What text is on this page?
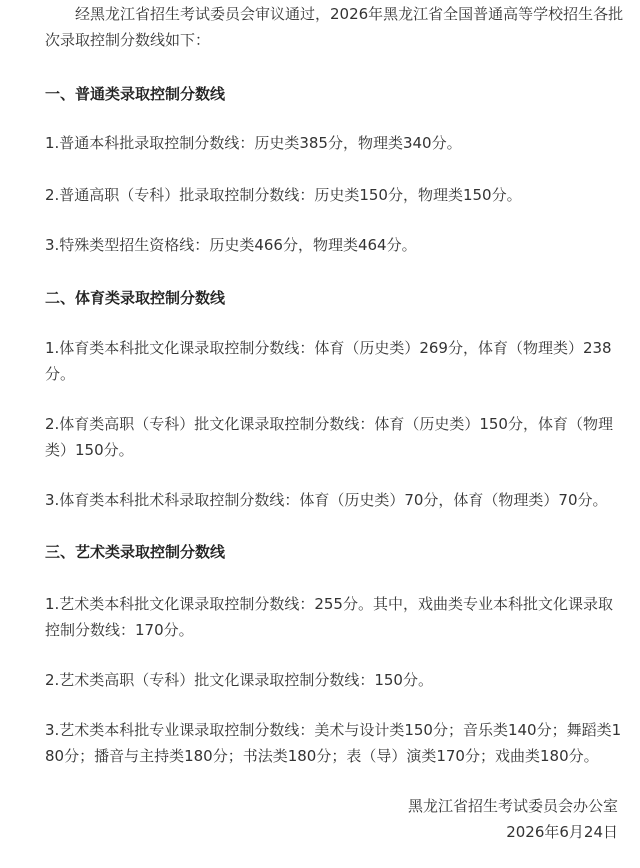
经黑龙江省招生考试委员会审议通过，2026年黑龙江省全国普通高等学校招生各批次录取控制分数线如下：

一、普通类录取控制分数线

1.普通本科批录取控制分数线：历史类385分，物理类340分。

2.普通高职（专科）批录取控制分数线：历史类150分，物理类150分。

3.特殊类型招生资格线：历史类466分，物理类464分。

二、体育类录取控制分数线

1.体育类本科批文化课录取控制分数线：体育（历史类）269分，体育（物理类）238分。

2.体育类高职（专科）批文化课录取控制分数线：体育（历史类）150分，体育（物理类）150分。

3.体育类本科批术科录取控制分数线：体育（历史类）70分，体育（物理类）70分。

三、艺术类录取控制分数线

1.艺术类本科批文化课录取控制分数线：255分。其中，戏曲类专业本科批文化课录取控制分数线：170分。

2.艺术类高职（专科）批文化课录取控制分数线：150分。

3.艺术类本科批专业课录取控制分数线：美术与设计类150分；音乐类140分；舞蹈类180分；播音与主持类180分；书法类180分；表（导）演类170分；戏曲类180分。

黑龙江省招生考试委员会办公室

2026年6月24日
